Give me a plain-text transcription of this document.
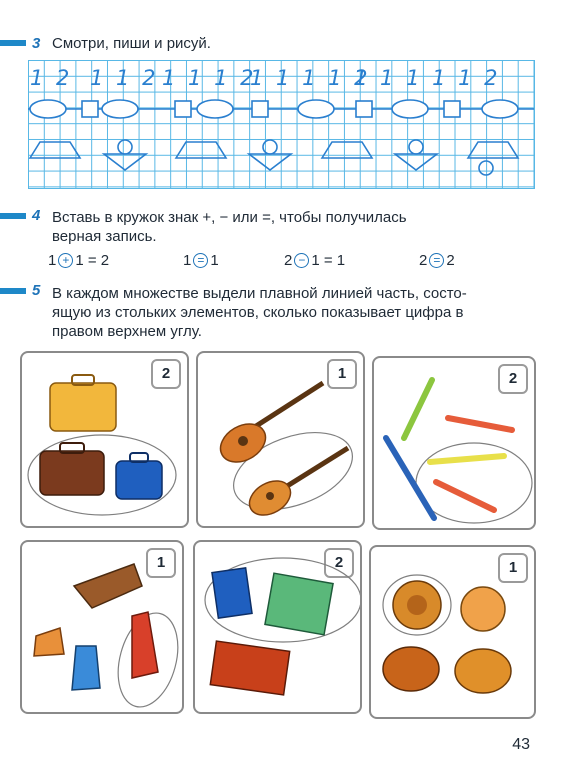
3 Смотри, пиши и рисуй.
1 2 1 1 2 1 1 1 2
1 1 1 1 2
1 1 1 1 1 2
4 Вставь в кружок знак +, − или =, чтобы получилась
верная запись.
1 + 1 = 2	1 = 1	2 − 1 = 1	2 = 2
5 В каждом множестве выдели плавной линией часть, состо-
ящую из стольких элементов, сколько показывает цифра в
правом верхнем углу.
2	1	2
1	2	1
43
